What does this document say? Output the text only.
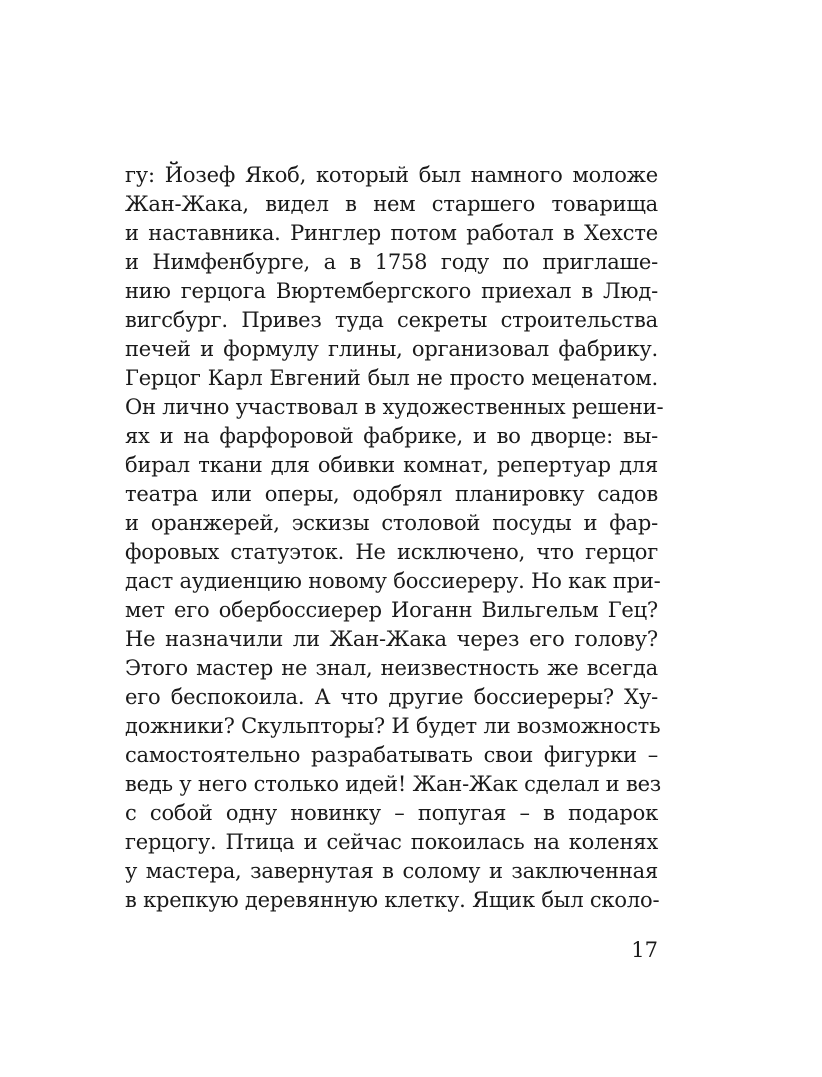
гу: Йозеф Якоб, который был намного моложе
Жан-Жака, видел в нем старшего товарища
и наставника. Ринглер потом работал в Хехсте
и Нимфенбурге, а в 1758 году по приглаше-
нию герцога Вюртембергского приехал в Люд-
вигсбург. Привез туда секреты строительства
печей и формулу глины, организовал фабрику.
Герцог Карл Евгений был не просто меценатом.
Он лично участвовал в художественных решени-
ях и на фарфоровой фабрике, и во дворце: вы-
бирал ткани для обивки комнат, репертуар для
театра или оперы, одобрял планировку садов
и оранжерей, эскизы столовой посуды и фар-
форовых статуэток. Не исключено, что герцог
даст аудиенцию новому боссиереру. Но как при-
мет его обербоссиерер Иоганн Вильгельм Гец?
Не назначили ли Жан-Жака через его голову?
Этого мастер не знал, неизвестность же всегда
его беспокоила. А что другие боссиереры? Ху-
дожники? Скульпторы? И будет ли возможность
самостоятельно разрабатывать свои фигурки –
ведь у него столько идей! Жан-Жак сделал и вез
с собой одну новинку – попугая – в подарок
герцогу. Птица и сейчас покоилась на коленях
у мастера, завернутая в солому и заключенная
в крепкую деревянную клетку. Ящик был сколо-
17
